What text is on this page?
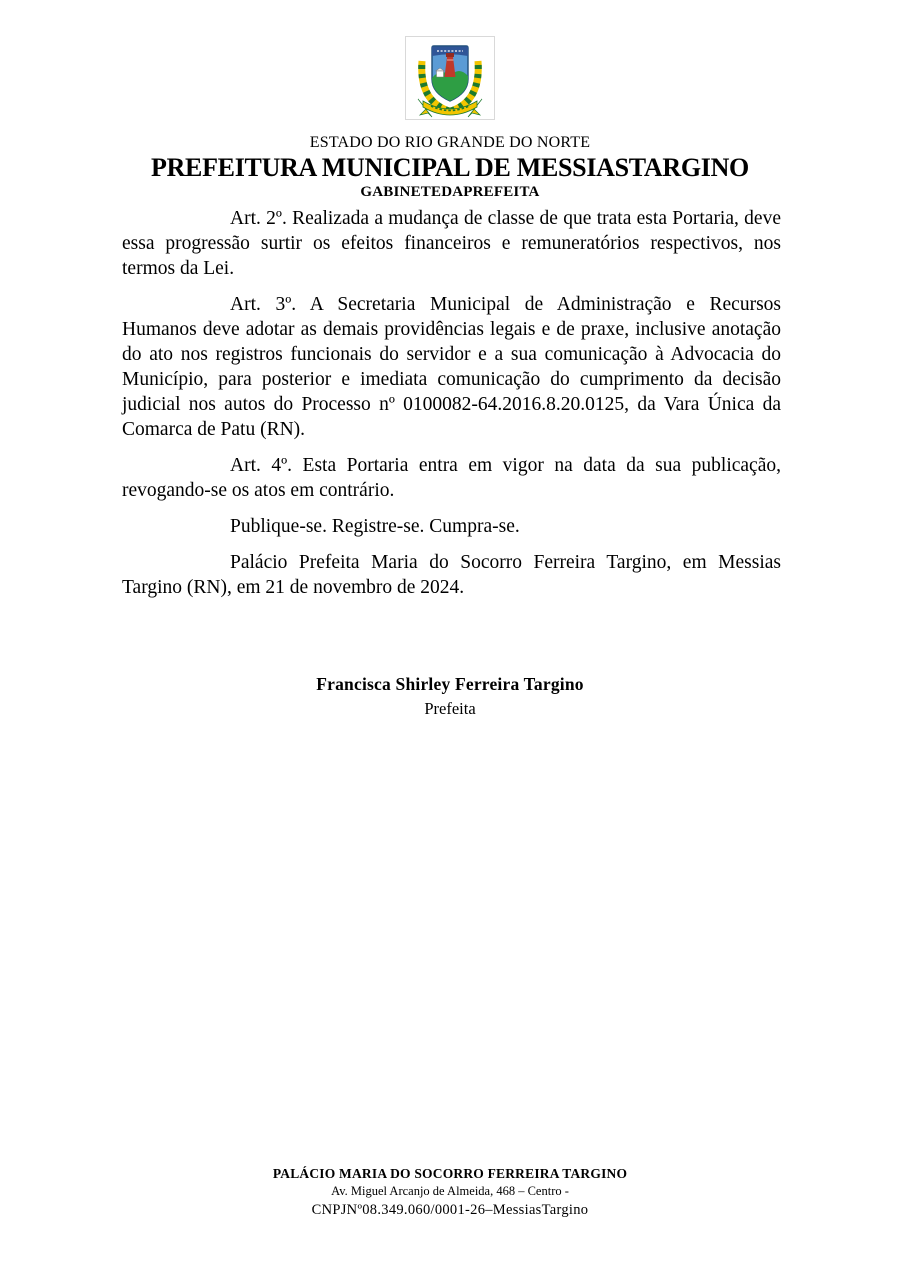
ESTADO DO RIO GRANDE DO NORTE
PREFEITURA MUNICIPAL DE MESSIASTARGINO
GABINETEDAPREFEITA

Art. 2º. Realizada a mudança de classe de que trata esta Portaria, deve essa progressão surtir os efeitos financeiros e remuneratórios respectivos, nos termos da Lei.

Art. 3º. A Secretaria Municipal de Administração e Recursos Humanos deve adotar as demais providências legais e de praxe, inclusive anotação do ato nos registros funcionais do servidor e a sua comunicação à Advocacia do Município, para posterior e imediata comunicação do cumprimento da decisão judicial nos autos do Processo nº 0100082-64.2016.8.20.0125, da Vara Única da Comarca de Patu (RN).

Art. 4º. Esta Portaria entra em vigor na data da sua publicação, revogando-se os atos em contrário.

Publique-se. Registre-se. Cumpra-se.

Palácio Prefeita Maria do Socorro Ferreira Targino, em Messias Targino (RN), em 21 de novembro de 2024.

Francisca Shirley Ferreira Targino
Prefeita
PALÁCIO MARIA DO SOCORRO FERREIRA TARGINO
Av. Miguel Arcanjo de Almeida, 468 – Centro -
CNPJNº08.349.060/0001-26–MessiasTargino
